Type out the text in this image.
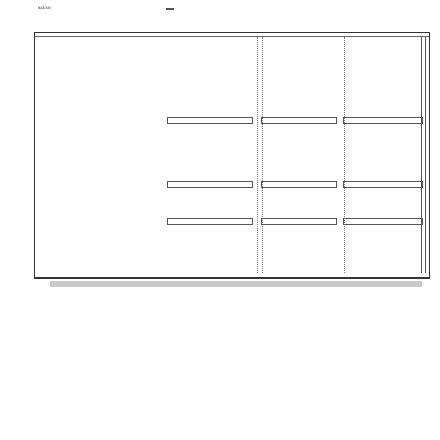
BAEAM
